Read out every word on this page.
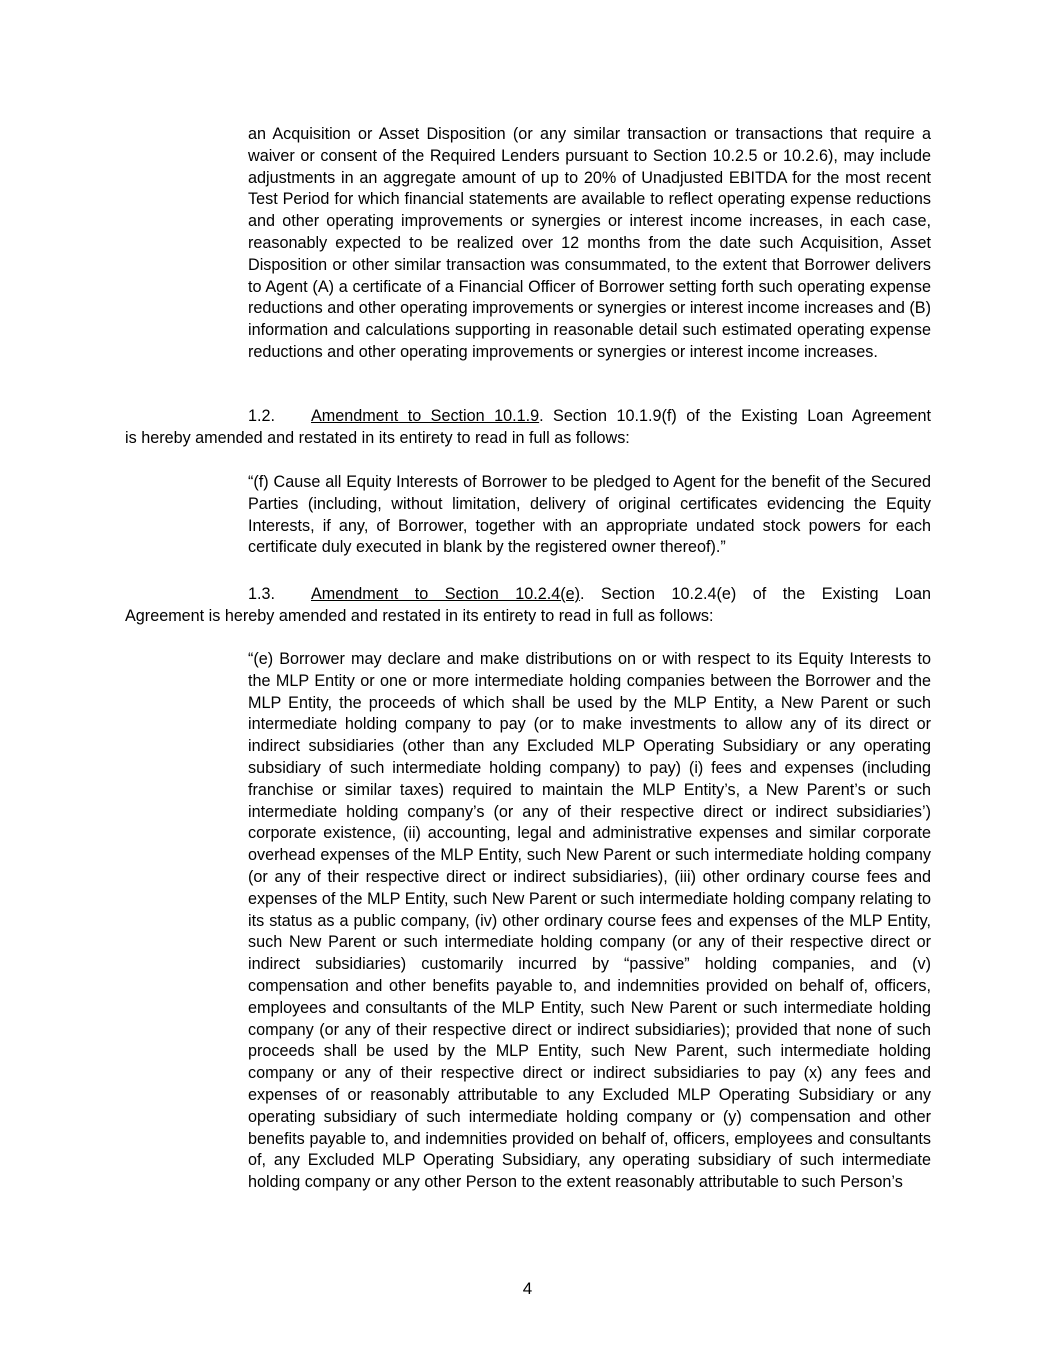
an Acquisition or Asset Disposition (or any similar transaction or transactions that require a waiver or consent of the Required Lenders pursuant to Section 10.2.5 or 10.2.6), may include adjustments in an aggregate amount of up to 20% of Unadjusted EBITDA for the most recent Test Period for which financial statements are available to reflect operating expense reductions and other operating improvements or synergies or interest income increases, in each case, reasonably expected to be realized over 12 months from the date such Acquisition, Asset Disposition or other similar transaction was consummated, to the extent that Borrower delivers to Agent (A) a certificate of a Financial Officer of Borrower setting forth such operating expense reductions and other operating improvements or synergies or interest income increases and (B) information and calculations supporting in reasonable detail such estimated operating expense reductions and other operating improvements or synergies or interest income increases.

1.2. Amendment to Section 10.1.9. Section 10.1.9(f) of the Existing Loan Agreement
is hereby amended and restated in its entirety to read in full as follows:

“(f) Cause all Equity Interests of Borrower to be pledged to Agent for the benefit of the Secured Parties (including, without limitation, delivery of original certificates evidencing the Equity Interests, if any, of Borrower, together with an appropriate undated stock powers for each certificate duly executed in blank by the registered owner thereof).”

1.3. Amendment to Section 10.2.4(e). Section 10.2.4(e) of the Existing Loan
Agreement is hereby amended and restated in its entirety to read in full as follows:

“(e) Borrower may declare and make distributions on or with respect to its Equity Interests to the MLP Entity or one or more intermediate holding companies between the Borrower and the MLP Entity, the proceeds of which shall be used by the MLP Entity, a New Parent or such intermediate holding company to pay (or to make investments to allow any of its direct or indirect subsidiaries (other than any Excluded MLP Operating Subsidiary or any operating subsidiary of such intermediate holding company) to pay) (i) fees and expenses (including franchise or similar taxes) required to maintain the MLP Entity’s, a New Parent’s or such intermediate holding company’s (or any of their respective direct or indirect subsidiaries’) corporate existence, (ii) accounting, legal and administrative expenses and similar corporate overhead expenses of the MLP Entity, such New Parent or such intermediate holding company (or any of their respective direct or indirect subsidiaries), (iii) other ordinary course fees and expenses of the MLP Entity, such New Parent or such intermediate holding company relating to its status as a public company, (iv) other ordinary course fees and expenses of the MLP Entity, such New Parent or such intermediate holding company (or any of their respective direct or indirect subsidiaries) customarily incurred by “passive” holding companies, and (v) compensation and other benefits payable to, and indemnities provided on behalf of, officers, employees and consultants of the MLP Entity, such New Parent or such intermediate holding company (or any of their respective direct or indirect subsidiaries); provided that none of such proceeds shall be used by the MLP Entity, such New Parent, such intermediate holding company or any of their respective direct or indirect subsidiaries to pay (x) any fees and expenses of or reasonably attributable to any Excluded MLP Operating Subsidiary or any operating subsidiary of such intermediate holding company or (y) compensation and other benefits payable to, and indemnities provided on behalf of, officers, employees and consultants of, any Excluded MLP Operating Subsidiary, any operating subsidiary of such intermediate holding company or any other Person to the extent reasonably attributable to such Person’s

4
